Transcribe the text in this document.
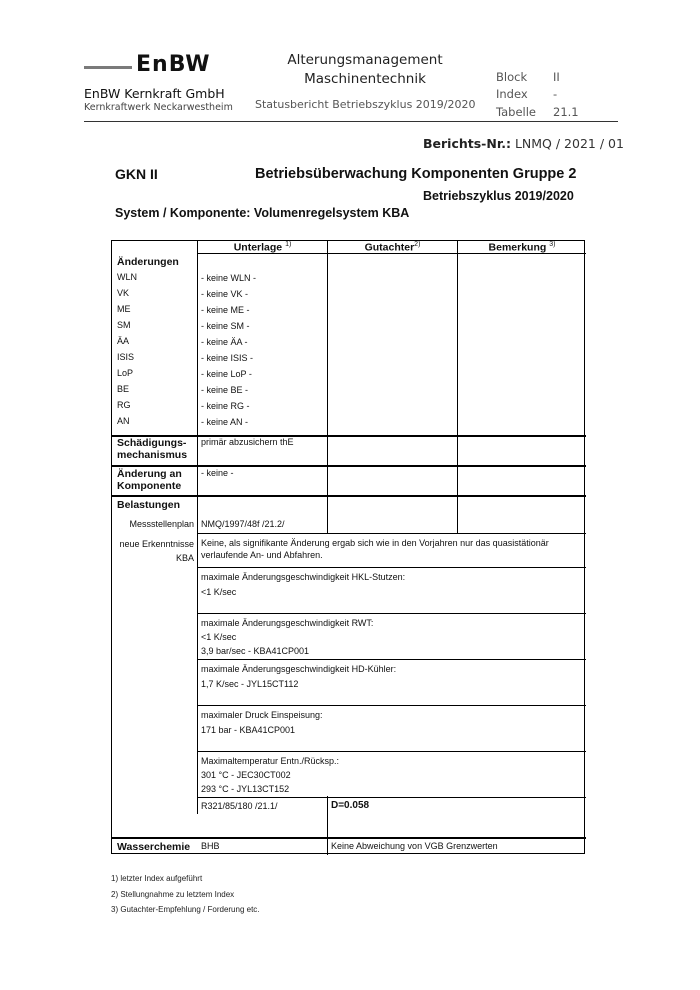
EnBW
EnBW Kernkraft GmbH
Kernkraftwerk Neckarwestheim
Alterungsmanagement
Maschinentechnik
Statusbericht Betriebszyklus 2019/2020
Block II
Index -
Tabelle 21.1
Berichts-Nr.: LNMQ / 2021 / 01
GKN II	Betriebsüberwachung Komponenten Gruppe 2
Betriebszyklus 2019/2020
System / Komponente: Volumenregelsystem KBA
Unterlage $^{1)}$	Gutachter$^{2)}$	Bemerkung $^{3)}$
Änderungen
WLN	- keine WLN -
VK	- keine VK -
ME	- keine ME -
SM	- keine SM -
ÄA	- keine ÄA -
ISIS	- keine ISIS -
LoP	- keine LoP -
BE	- keine BE -
RG	- keine RG -
AN	- keine AN -
Schädigungs-
mechanismus
primär abzusichern thE
Änderung an
Komponente
- keine -
Belastungen
Messstellenplan NMQ/1997/48f /21.2/
neue Erkenntnisse
KBA
Keine, als signifikante Änderung ergab sich wie in den Vorjahren nur das quasistätionär verlaufende An- und Abfahren.
maximale Änderungsgeschwindigkeit HKL-Stutzen:
<1 K/sec
maximale Änderungsgeschwindigkeit RWT:
<1 K/sec
3,9 bar/sec - KBA41CP001
maximale Änderungsgeschwindigkeit HD-Kühler:
1,7 K/sec - JYL15CT112
maximaler Druck Einspeisung:
171 bar - KBA41CP001
Maximaltemperatur Entn./Rücksp.:
301 °C - JEC30CT002
293 °C - JYL13CT152
R321/85/180 /21.1/	D=0.058
Wasserchemie BHB	Keine Abweichung von VGB Grenzwerten
1) letzter Index aufgeführt
2) Stellungnahme zu letztem Index
3) Gutachter-Empfehlung / Forderung etc.
